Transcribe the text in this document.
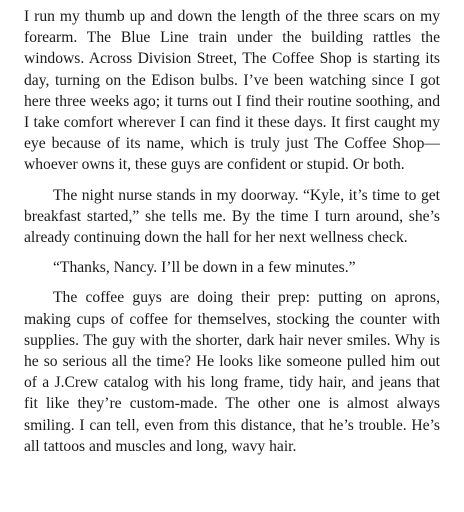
I run my thumb up and down the length of the three scars on my forearm. The Blue Line train under the building rattles the windows. Across Division Street, The Coffee Shop is starting its day, turning on the Edison bulbs. I’ve been watching since I got here three weeks ago; it turns out I find their routine soothing, and I take comfort wherever I can find it these days. It first caught my eye because of its name, which is truly just The Coffee Shop—whoever owns it, these guys are confident or stupid. Or both.

The night nurse stands in my doorway. “Kyle, it’s time to get breakfast started,” she tells me. By the time I turn around, she’s already continuing down the hall for her next wellness check.

“Thanks, Nancy. I’ll be down in a few minutes.”

The coffee guys are doing their prep: putting on aprons, making cups of coffee for themselves, stocking the counter with supplies. The guy with the shorter, dark hair never smiles. Why is he so serious all the time? He looks like someone pulled him out of a J.Crew catalog with his long frame, tidy hair, and jeans that fit like they’re custom-made. The other one is almost always smiling. I can tell, even from this distance, that he’s trouble. He’s all tattoos and muscles and long, wavy hair.
